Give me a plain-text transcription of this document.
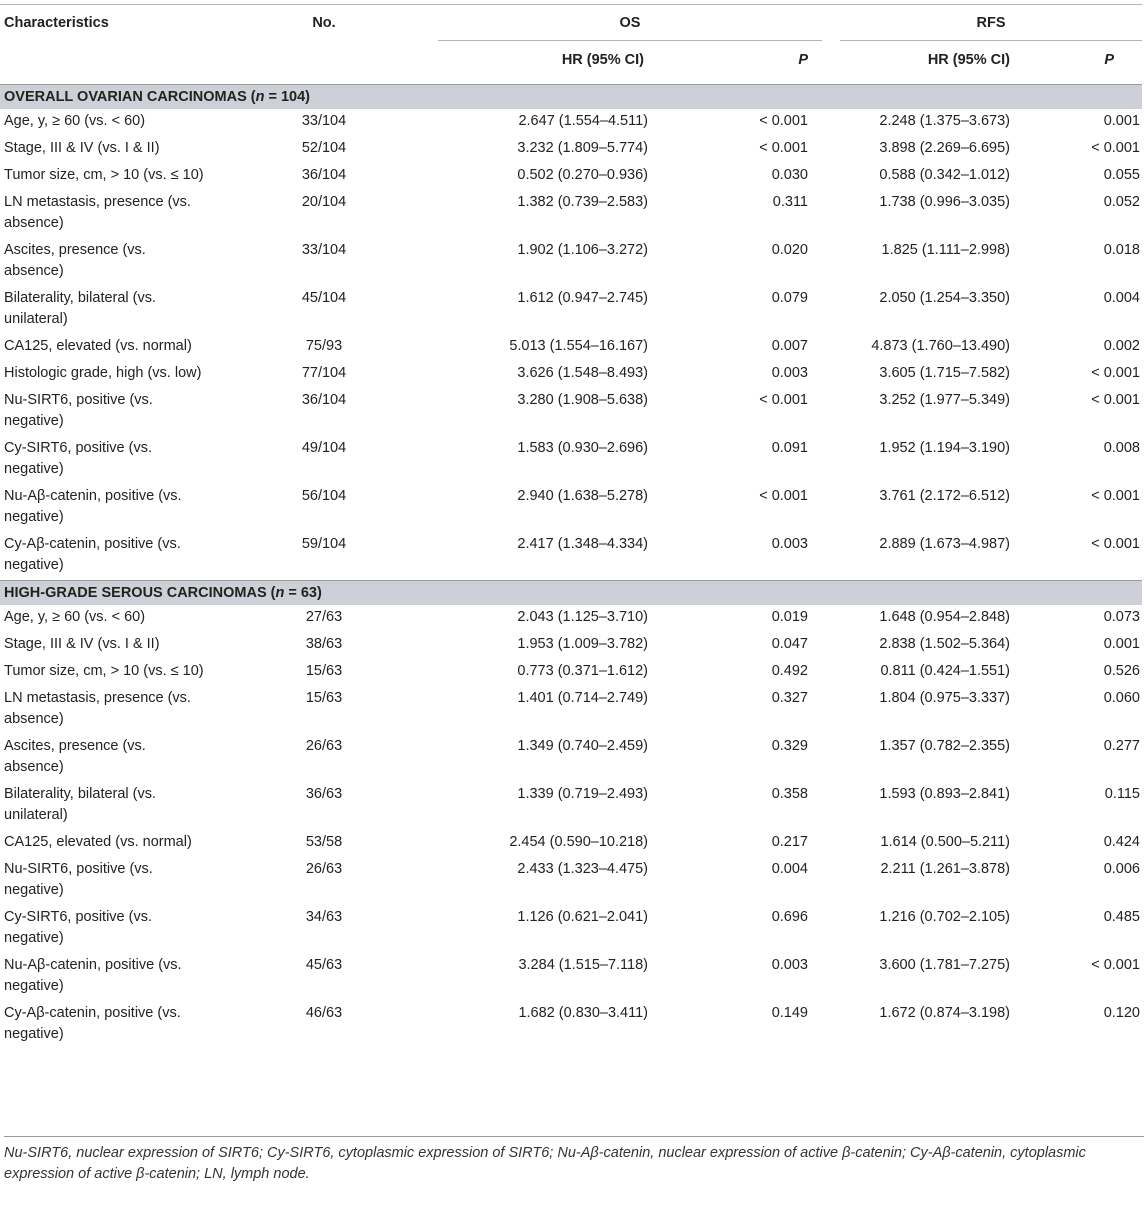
Characteristics	No.	OS		RFS	

		HR (95% CI)	P	HR (95% CI)	P
OVERALL OVARIAN CARCINOMAS (n = 104)					
Age, y, ≥ 60 (vs. < 60)	33/104	2.647 (1.554–4.511)	< 0.001	2.248 (1.375–3.673)	0.001
Stage, III & IV (vs. I & II)	52/104	3.232 (1.809–5.774)	< 0.001	3.898 (2.269–6.695)	< 0.001
Tumor size, cm, > 10 (vs. ≤ 10)	36/104	0.502 (0.270–0.936)	0.030	0.588 (0.342–1.012)	0.055
LN metastasis, presence (vs. absence)	20/104	1.382 (0.739–2.583)	0.311	1.738 (0.996–3.035)	0.052
Ascites, presence (vs. absence)	33/104	1.902 (1.106–3.272)	0.020	1.825 (1.111–2.998)	0.018
Bilaterality, bilateral (vs. unilateral)	45/104	1.612 (0.947–2.745)	0.079	2.050 (1.254–3.350)	0.004
CA125, elevated (vs. normal)	75/93	5.013 (1.554–16.167)	0.007	4.873 (1.760–13.490)	0.002
Histologic grade, high (vs. low)	77/104	3.626 (1.548–8.493)	0.003	3.605 (1.715–7.582)	< 0.001
Nu-SIRT6, positive (vs. negative)	36/104	3.280 (1.908–5.638)	< 0.001	3.252 (1.977–5.349)	< 0.001
Cy-SIRT6, positive (vs. negative)	49/104	1.583 (0.930–2.696)	0.091	1.952 (1.194–3.190)	0.008
Nu-Aβ-catenin, positive (vs. negative)	56/104	2.940 (1.638–5.278)	< 0.001	3.761 (2.172–6.512)	< 0.001
Cy-Aβ-catenin, positive (vs. negative)	59/104	2.417 (1.348–4.334)	0.003	2.889 (1.673–4.987)	< 0.001
HIGH-GRADE SEROUS CARCINOMAS (n = 63)					
Age, y, ≥ 60 (vs. < 60)	27/63	2.043 (1.125–3.710)	0.019	1.648 (0.954–2.848)	0.073
Stage, III & IV (vs. I & II)	38/63	1.953 (1.009–3.782)	0.047	2.838 (1.502–5.364)	0.001
Tumor size, cm, > 10 (vs. ≤ 10)	15/63	0.773 (0.371–1.612)	0.492	0.811 (0.424–1.551)	0.526
LN metastasis, presence (vs. absence)	15/63	1.401 (0.714–2.749)	0.327	1.804 (0.975–3.337)	0.060
Ascites, presence (vs. absence)	26/63	1.349 (0.740–2.459)	0.329	1.357 (0.782–2.355)	0.277
Bilaterality, bilateral (vs. unilateral)	36/63	1.339 (0.719–2.493)	0.358	1.593 (0.893–2.841)	0.115
CA125, elevated (vs. normal)	53/58	2.454 (0.590–10.218)	0.217	1.614 (0.500–5.211)	0.424
Nu-SIRT6, positive (vs. negative)	26/63	2.433 (1.323–4.475)	0.004	2.211 (1.261–3.878)	0.006
Cy-SIRT6, positive (vs. negative)	34/63	1.126 (0.621–2.041)	0.696	1.216 (0.702–2.105)	0.485
Nu-Aβ-catenin, positive (vs. negative)	45/63	3.284 (1.515–7.118)	0.003	3.600 (1.781–7.275)	< 0.001
Cy-Aβ-catenin, positive (vs. negative)	46/63	1.682 (0.830–3.411)	0.149	1.672 (0.874–3.198)	0.120
Nu-SIRT6, nuclear expression of SIRT6; Cy-SIRT6, cytoplasmic expression of SIRT6; Nu-Aβ-catenin, nuclear expression of active β-catenin; Cy-Aβ-catenin, cytoplasmic expression of active β-catenin; LN, lymph node.
